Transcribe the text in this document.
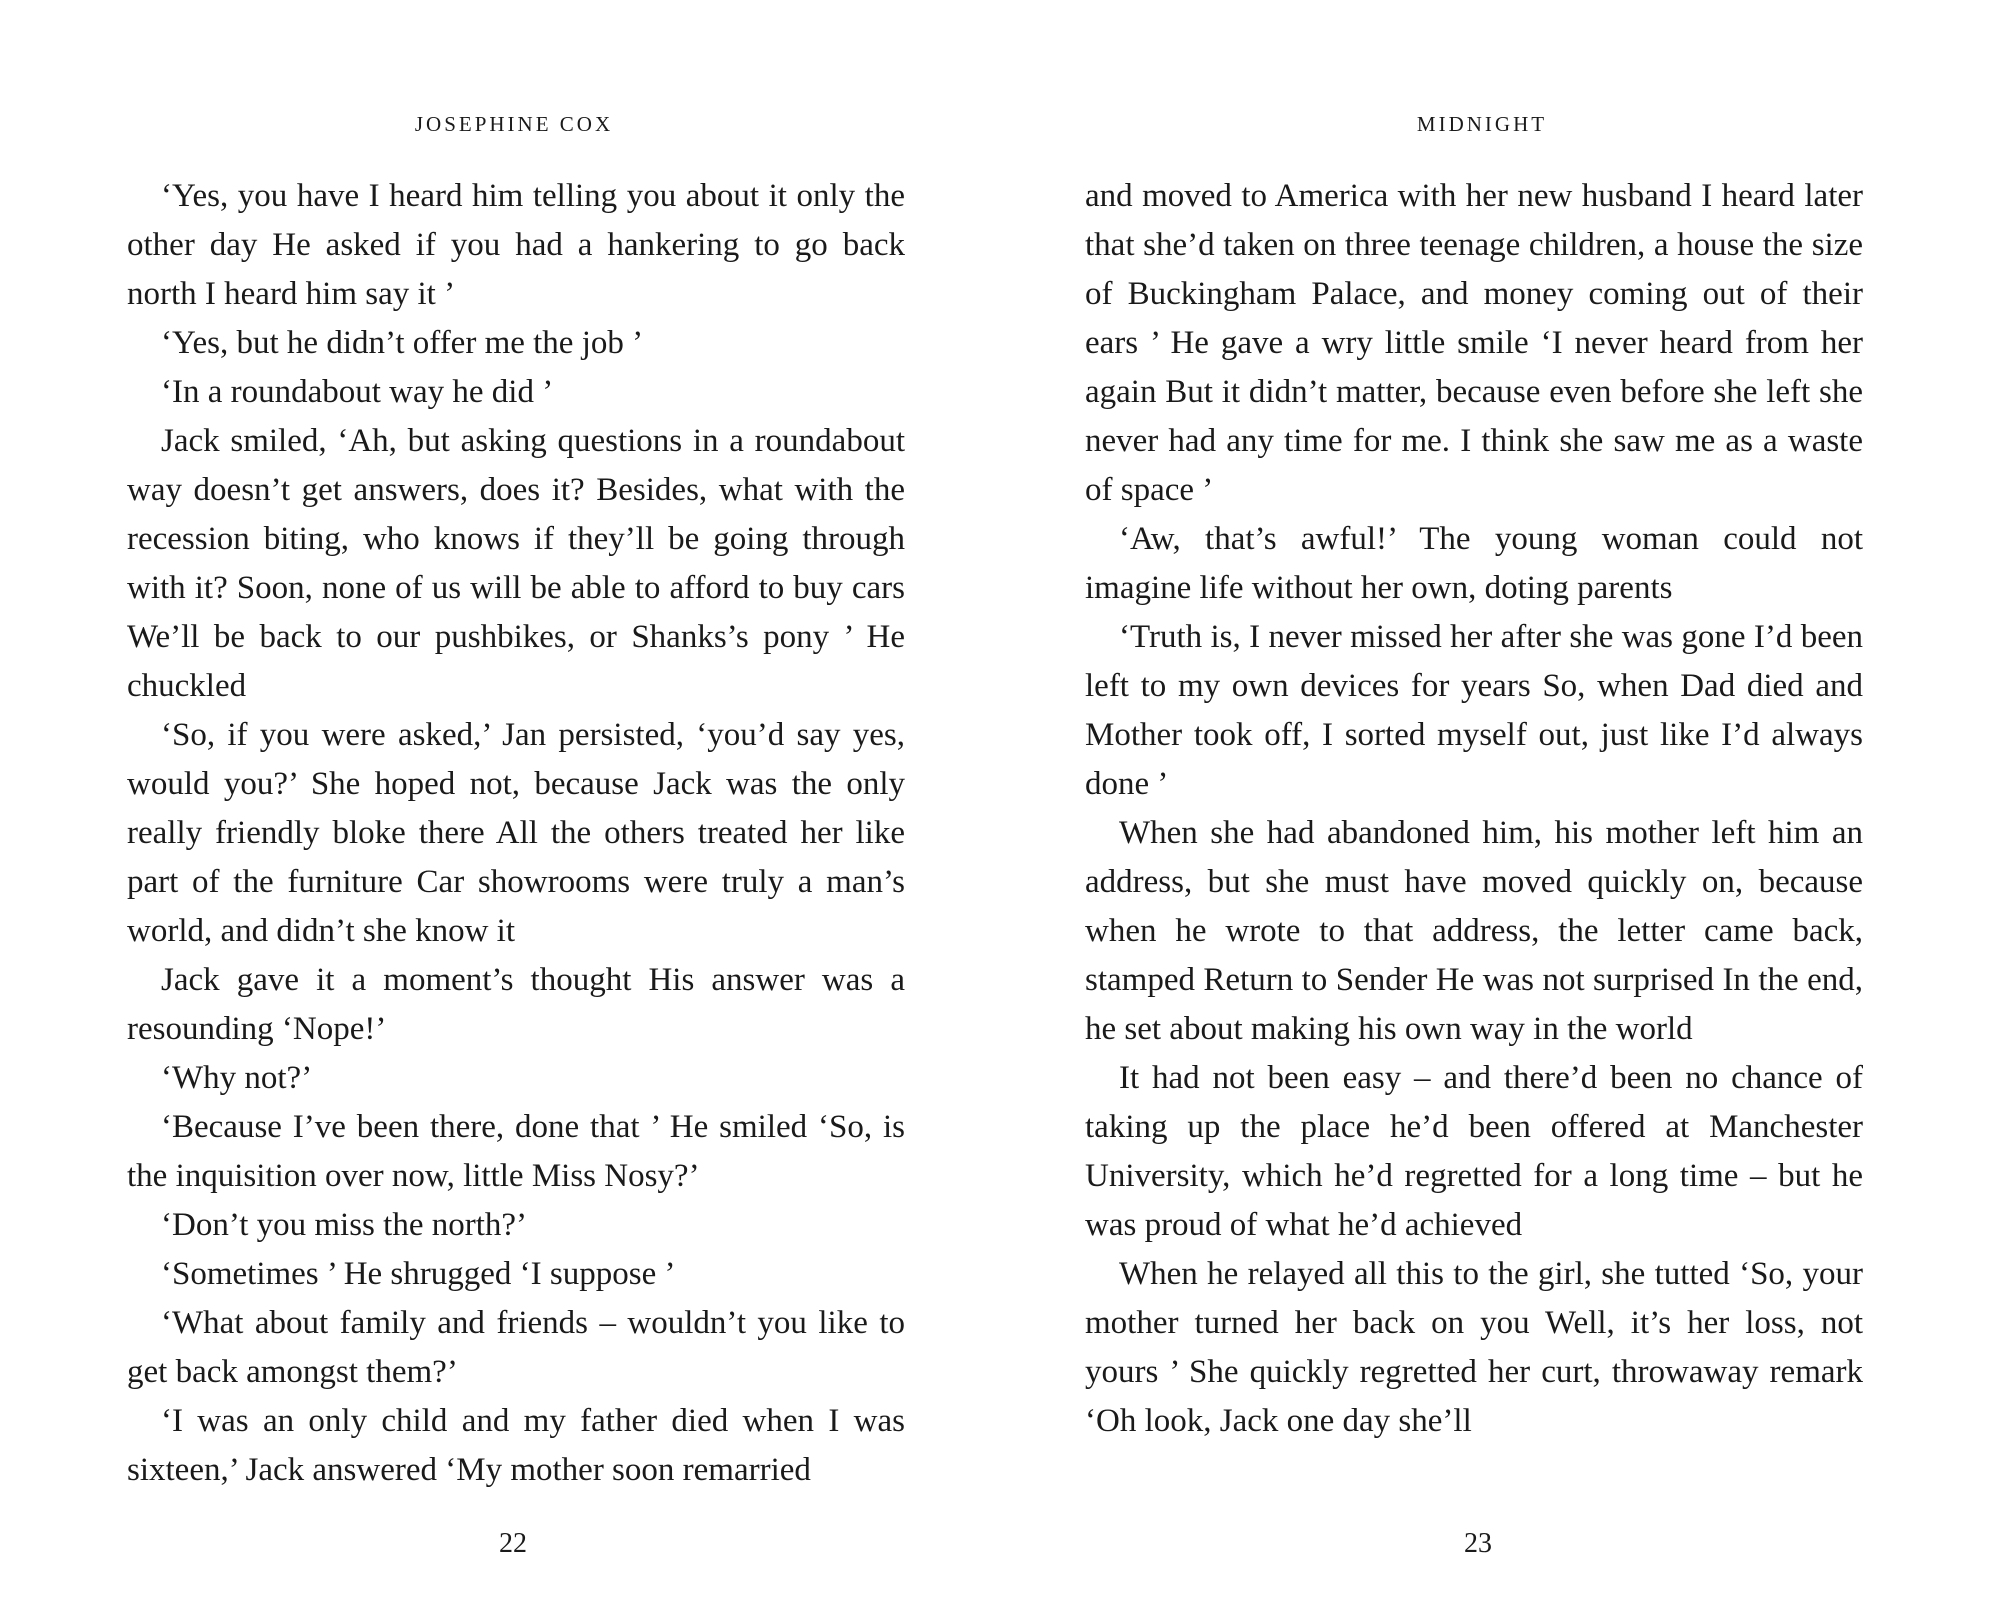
JOSEPHINE COX

‘Yes, you have I heard him telling you about it only the other day He asked if you had a hankering to go back north I heard him say it ’

‘Yes, but he didn’t offer me the job ’

‘In a roundabout way he did ’

Jack smiled, ‘Ah, but asking questions in a roundabout way doesn’t get answers, does it? Besides, what with the recession biting, who knows if they’ll be going through with it? Soon, none of us will be able to afford to buy cars We’ll be back to our pushbikes, or Shanks’s pony ’ He chuckled

‘So, if you were asked,’ Jan persisted, ‘you’d say yes, would you?’ She hoped not, because Jack was the only really friendly bloke there All the others treated her like part of the furniture Car showrooms were truly a man’s world, and didn’t she know it

Jack gave it a moment’s thought His answer was a resounding ‘Nope!’

‘Why not?’

‘Because I’ve been there, done that ’ He smiled ‘So, is the inquisition over now, little Miss Nosy?’

‘Don’t you miss the north?’

‘Sometimes ’ He shrugged ‘I suppose ’

‘What about family and friends – wouldn’t you like to get back amongst them?’

‘I was an only child and my father died when I was sixteen,’ Jack answered ‘My mother soon remarried

22
MIDNIGHT

and moved to America with her new husband I heard later that she’d taken on three teenage children, a house the size of Buckingham Palace, and money coming out of their ears ’ He gave a wry little smile ‘I never heard from her again But it didn’t matter, because even before she left she never had any time for me. I think she saw me as a waste of space ’

‘Aw, that’s awful!’ The young woman could not imagine life without her own, doting parents

‘Truth is, I never missed her after she was gone I’d been left to my own devices for years So, when Dad died and Mother took off, I sorted myself out, just like I’d always done ’

When she had abandoned him, his mother left him an address, but she must have moved quickly on, because when he wrote to that address, the letter came back, stamped Return to Sender He was not surprised In the end, he set about making his own way in the world

It had not been easy – and there’d been no chance of taking up the place he’d been offered at Manchester University, which he’d regretted for a long time – but he was proud of what he’d achieved

When he relayed all this to the girl, she tutted ‘So, your mother turned her back on you Well, it’s her loss, not yours ’ She quickly regretted her curt, throwaway remark ‘Oh look, Jack one day she’ll

23
